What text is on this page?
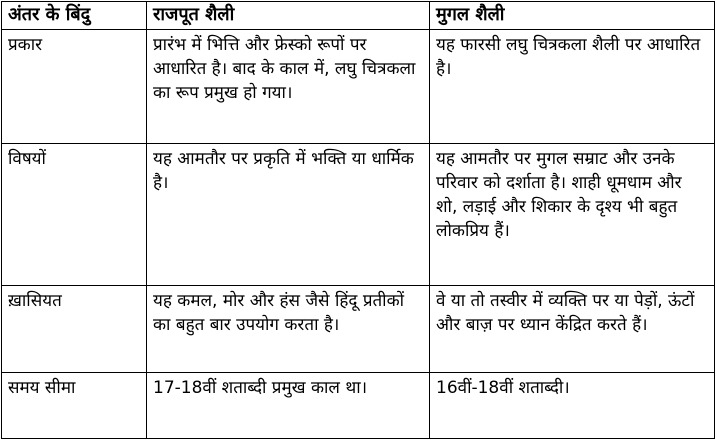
अंतर के बिंदु	राजपूत शैली	मुगल शैली
प्रकार	प्रारंभ में भित्ति और फ्रेस्को रूपों पर आधारित है। बाद के काल में, लघु चित्रकला का रूप प्रमुख हो गया।	यह फारसी लघु चित्रकला शैली पर आधारित है।
विषयों	यह आमतौर पर प्रकृति में भक्ति या धार्मिक है।	यह आमतौर पर मुगल सम्राट और उनके परिवार को दर्शाता है। शाही धूमधाम और शो, लड़ाई और शिकार के दृश्य भी बहुत लोकप्रिय हैं।
ख़ासियत	यह कमल, मोर और हंस जैसे हिंदू प्रतीकों का बहुत बार उपयोग करता है।	वे या तो तस्वीर में व्यक्ति पर या पेड़ों, ऊंटों और बाज़ पर ध्यान केंद्रित करते हैं।
समय सीमा	17-18वीं शताब्दी प्रमुख काल था।	16वीं-18वीं शताब्दी।
